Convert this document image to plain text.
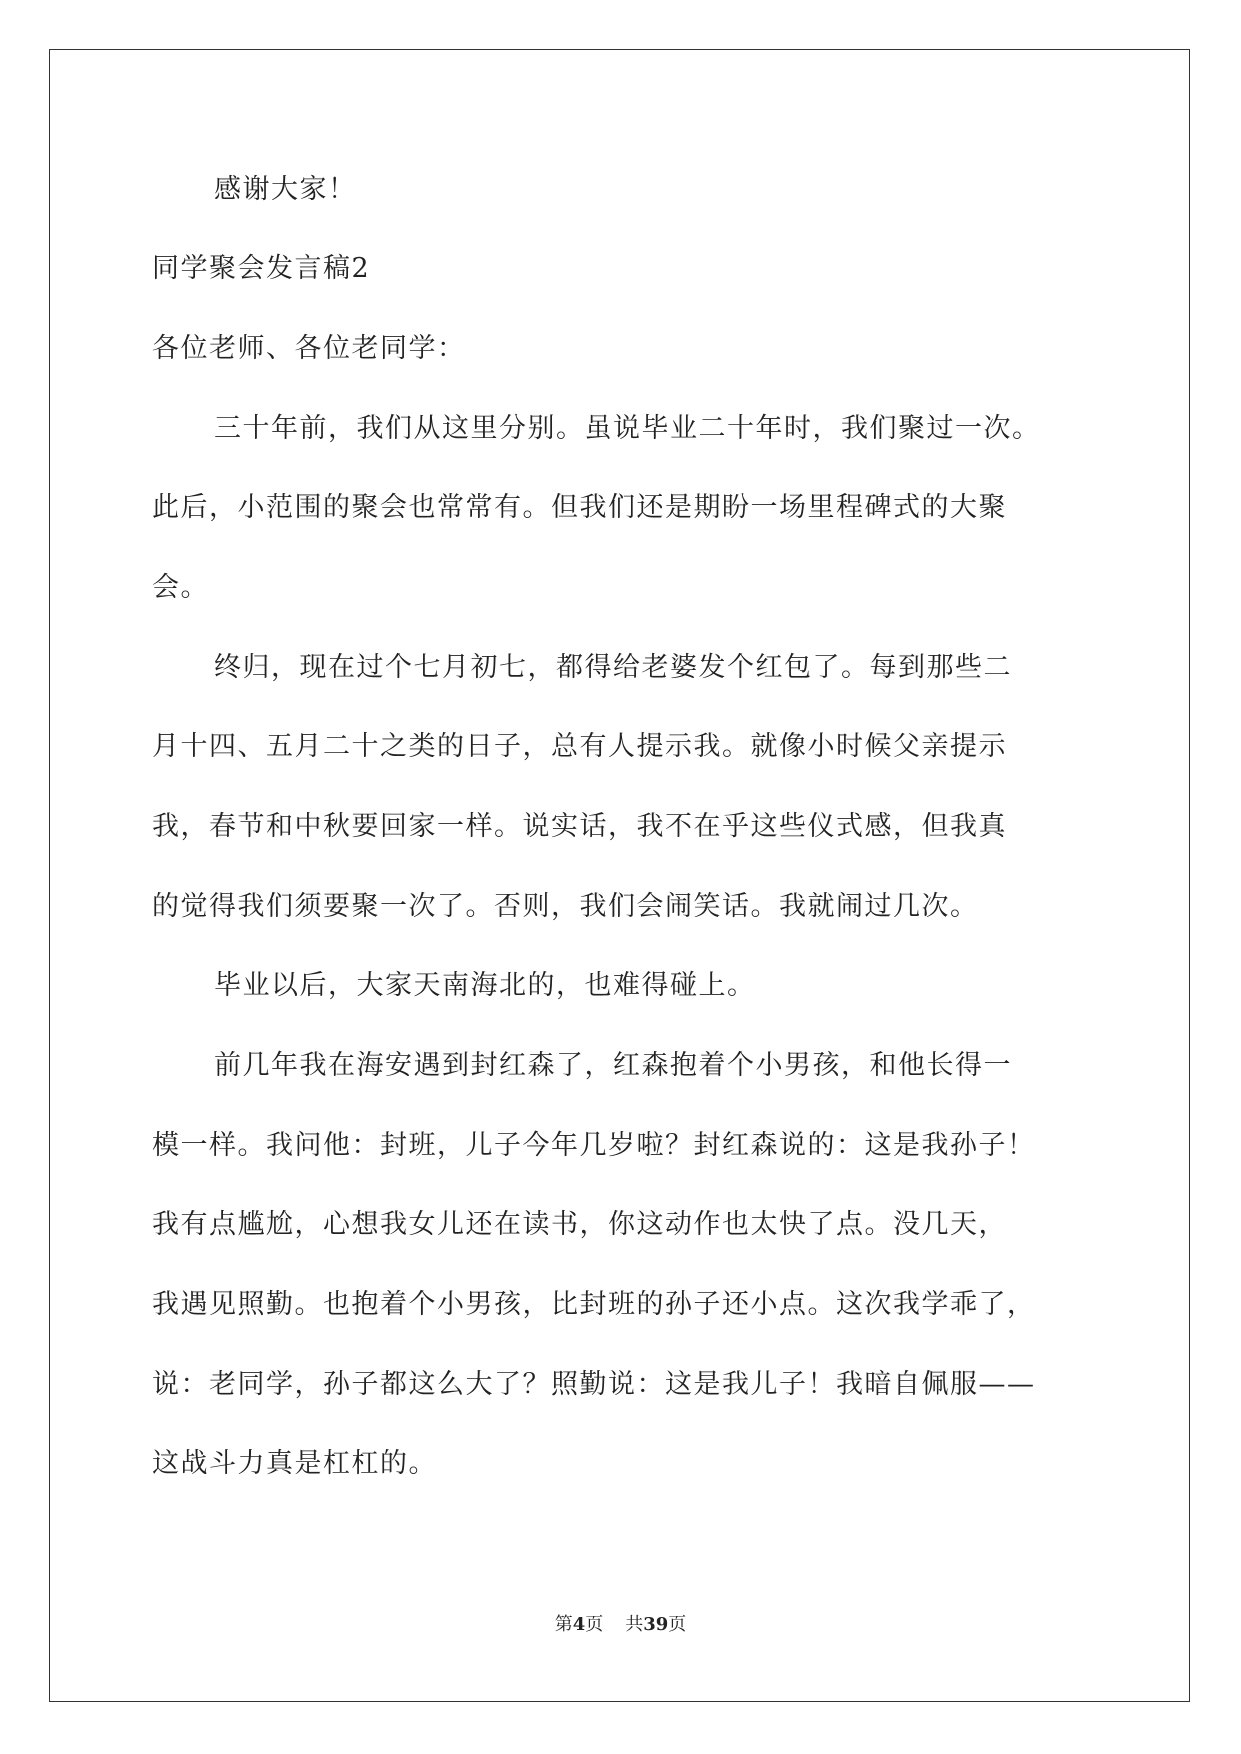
感谢大家！
同学聚会发言稿2
各位老师、各位老同学：
三十年前，我们从这里分别。虽说毕业二十年时，我们聚过一次。
此后，小范围的聚会也常常有。但我们还是期盼一场里程碑式的大聚
会。
终归，现在过个七月初七，都得给老婆发个红包了。每到那些二
月十四、五月二十之类的日子，总有人提示我。就像小时候父亲提示
我，春节和中秋要回家一样。说实话，我不在乎这些仪式感，但我真
的觉得我们须要聚一次了。否则，我们会闹笑话。我就闹过几次。
毕业以后，大家天南海北的，也难得碰上。
前几年我在海安遇到封红森了，红森抱着个小男孩，和他长得一
模一样。我问他：封班，儿子今年几岁啦？封红森说的：这是我孙子！
我有点尴尬，心想我女儿还在读书，你这动作也太快了点。没几天，
我遇见照勤。也抱着个小男孩，比封班的孙子还小点。这次我学乖了，
说：老同学，孙子都这么大了？照勤说：这是我儿子！我暗自佩服——
这战斗力真是杠杠的。
第4页 共39页
